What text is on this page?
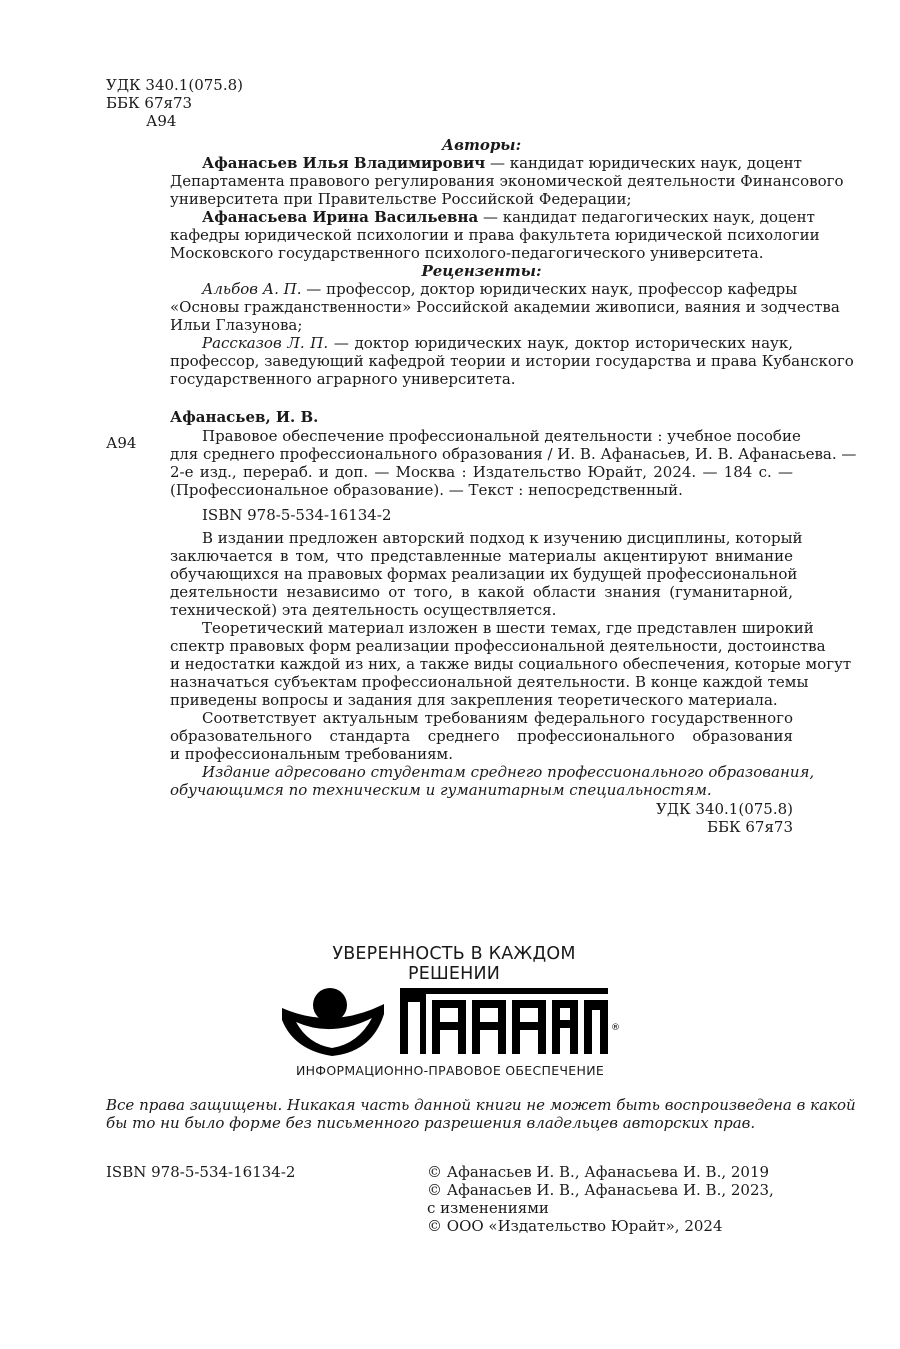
УДК 340.1(075.8)
ББК 67я73
А94
Авторы:
Афанасьев Илья Владимирович — кандидат юридических наук, доцент
Департамента правового регулирования экономической деятельности Финансового
университета при Правительстве Российской Федерации;
Афанасьева Ирина Васильевна — кандидат педагогических наук, доцент
кафедры юридической психологии и права факультета юридической психологии
Московского государственного психолого-педагогического университета.
Рецензенты:
Альбов А. П. — профессор, доктор юридических наук, профессор кафедры
«Основы гражданственности» Российской академии живописи, ваяния и зодчества
Ильи Глазунова;
Рассказов Л. П. — доктор юридических наук, доктор исторических наук,
профессор, заведующий кафедрой теории и истории государства и права Кубанского
государственного аграрного университета.
Афанасьев, И. В.
А94	Правовое обеспечение профессиональной деятельности : учебное пособие
для среднего профессионального образования / И. В. Афанасьев, И. В. Афанасьева. —
2-е изд., перераб. и доп. — Москва : Издательство Юрайт, 2024. — 184 с. —
(Профессиональное образование). — Текст : непосредственный.
ISBN 978-5-534-16134-2
В издании предложен авторский подход к изучению дисциплины, который
заключается в том, что представленные материалы акцентируют внимание
обучающихся на правовых формах реализации их будущей профессиональной
деятельности независимо от того, в какой области знания (гуманитарной,
технической) эта деятельность осуществляется.
Теоретический материал изложен в шести темах, где представлен широкий
спектр правовых форм реализации профессиональной деятельности, достоинства
и недостатки каждой из них, а также виды социального обеспечения, которые могут
назначаться субъектам профессиональной деятельности. В конце каждой темы
приведены вопросы и задания для закрепления теоретического материала.
Соответствует актуальным требованиям федерального государственного
образовательного стандарта среднего профессионального образования
и профессиональным требованиям.
Издание адресовано студентам среднего профессионального образования,
обучающимся по техническим и гуманитарным специальностям.
УДК 340.1(075.8)
ББК 67я73
УВЕРЕННОСТЬ В КАЖДОМ РЕШЕНИИ
®
ИНФОРМАЦИОННО-ПРАВОВОЕ ОБЕСПЕЧЕНИЕ
Все права защищены. Никакая часть данной книги не может быть воспроизведена в какой
бы то ни было форме без письменного разрешения владельцев авторских прав.
ISBN 978-5-534-16134-2	© Афанасьев И. В., Афанасьева И. В., 2019
© Афанасьев И. В., Афанасьева И. В., 2023,
с изменениями
© ООО «Издательство Юрайт», 2024
